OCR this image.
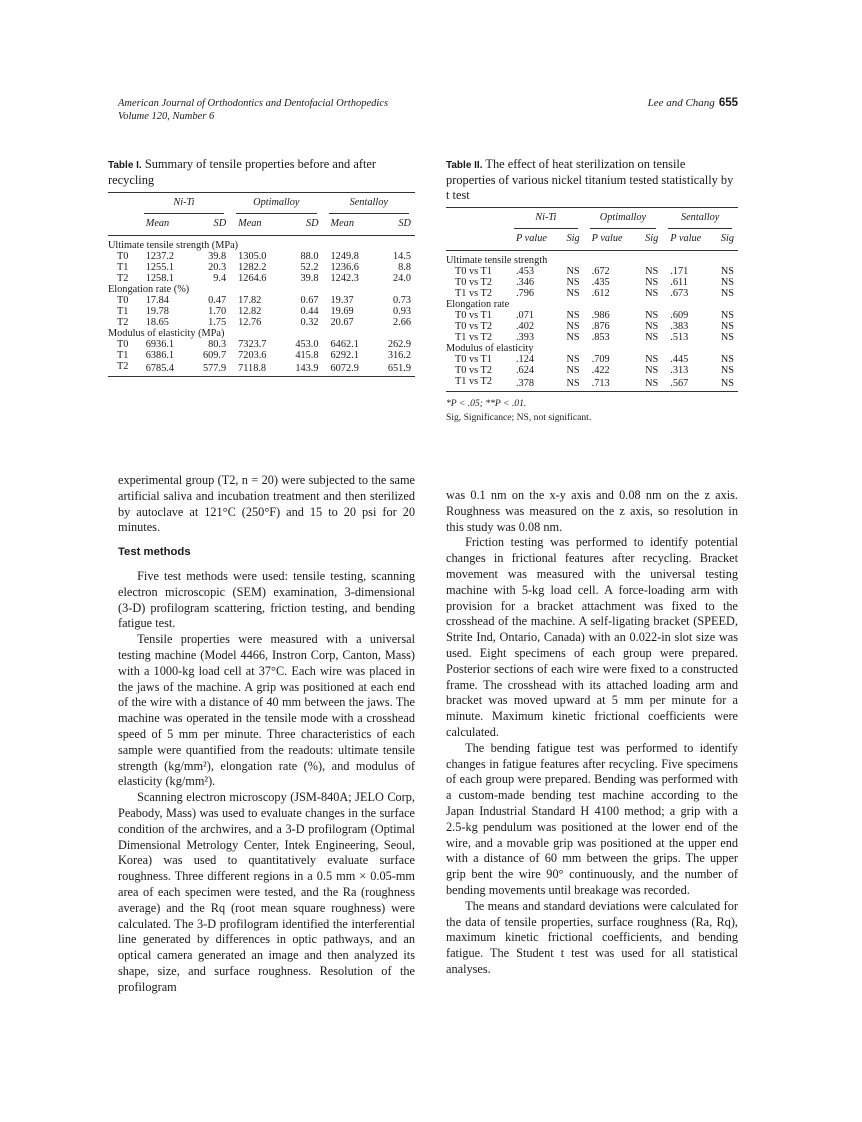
American Journal of Orthodontics and Dentofacial Orthopedics
Volume 120, Number 6
Lee and Chang 655
Table I. Summary of tensile properties before and after recycling

	Ni-Ti		Optimalloy		Sentalloy	

	Mean	SD	Mean	SD	Mean	SD
Ultimate tensile strength (MPa)						
T0	1237.2	39.8	1305.0	88.0	1249.8	14.5
T1	1255.1	20.3	1282.2	52.2	1236.6	8.8
T2	1258.1	9.4	1264.6	39.8	1242.3	24.0
Elongation rate (%)						
T0	17.84	0.47	17.82	0.67	19.37	0.73
T1	19.78	1.70	12.82	0.44	19.69	0.93
T2	18.65	1.75	12.76	0.32	20.67	2.66
Modulus of elasticity (MPa)						
T0	6936.1	80.3	7323.7	453.0	6462.1	262.9
T1	6386.1	609.7	7203.6	415.8	6292.1	316.2
T2	6785.4	577.9	7118.8	143.9	6072.9	651.9
Table II. The effect of heat sterilization on tensile properties of various nickel titanium tested statistically by t test

	Ni-Ti		Optimalloy		Sentalloy	

	P value	Sig	P value	Sig	P value	Sig
Ultimate tensile strength						
T0 vs T1	.453	NS	.672	NS	.171	NS
T0 vs T2	.346	NS	.435	NS	.611	NS
T1 vs T2	.796	NS	.612	NS	.673	NS
Elongation rate						
T0 vs T1	.071	NS	.986	NS	.609	NS
T0 vs T2	.402	NS	.876	NS	.383	NS
T1 vs T2	.393	NS	.853	NS	.513	NS
Modulus of elasticity						
T0 vs T1	.124	NS	.709	NS	.445	NS
T0 vs T2	.624	NS	.422	NS	.313	NS
T1 vs T2	.378	NS	.713	NS	.567	NS
*P < .05; **P < .01.
Sig, Significance; NS, not significant.

experimental group (T2, n = 20) were subjected to the same artificial saliva and incubation treatment and then sterilized by autoclave at 121°C (250°F) and 15 to 20 psi for 20 minutes.

Test methods

Five test methods were used: tensile testing, scanning electron microscopic (SEM) examination, 3-dimensional (3-D) profilogram scattering, friction testing, and bending fatigue test.

Tensile properties were measured with a universal testing machine (Model 4466, Instron Corp, Canton, Mass) with a 1000-kg load cell at 37°C. Each wire was placed in the jaws of the machine. A grip was positioned at each end of the wire with a distance of 40 mm between the jaws. The machine was operated in the tensile mode with a crosshead speed of 5 mm per minute. Three characteristics of each sample were quantified from the readouts: ultimate tensile strength (kg/mm²), elongation rate (%), and modulus of elasticity (kg/mm²).

Scanning electron microscopy (JSM-840A; JELO Corp, Peabody, Mass) was used to evaluate changes in the surface condition of the archwires, and a 3-D profilogram (Optimal Dimensional Metrology Center, Intek Engineering, Seoul, Korea) was used to quantitatively evaluate surface roughness. Three different regions in a 0.5 mm × 0.05-mm area of each specimen were tested, and the Ra (roughness average) and the Rq (root mean square roughness) were calculated. The 3-D profilogram identified the interferential line generated by differences in optic pathways, and an optical camera generated an image and then analyzed its shape, size, and surface roughness. Resolution of the profilogram

was 0.1 nm on the x-y axis and 0.08 nm on the z axis. Roughness was measured on the z axis, so resolution in this study was 0.08 nm.

Friction testing was performed to identify potential changes in frictional features after recycling. Bracket movement was measured with the universal testing machine with 5-kg load cell. A force-loading arm with provision for a bracket attachment was fixed to the crosshead of the machine. A self-ligating bracket (SPEED, Strite Ind, Ontario, Canada) with an 0.022-in slot size was used. Eight specimens of each group were prepared. Posterior sections of each wire were fixed to a constructed frame. The crosshead with its attached loading arm and bracket was moved upward at 5 mm per minute for a minute. Maximum kinetic frictional coefficients were calculated.

The bending fatigue test was performed to identify changes in fatigue features after recycling. Five specimens of each group were prepared. Bending was performed with a custom-made bending test machine according to the Japan Industrial Standard H 4100 method; a grip with a 2.5-kg pendulum was positioned at the lower end of the wire, and a movable grip was positioned at the upper end with a distance of 60 mm between the grips. The upper grip bent the wire 90° continuously, and the number of bending movements until breakage was recorded.

The means and standard deviations were calculated for the data of tensile properties, surface roughness (Ra, Rq), maximum kinetic frictional coefficients, and bending fatigue. The Student t test was used for all statistical analyses.
